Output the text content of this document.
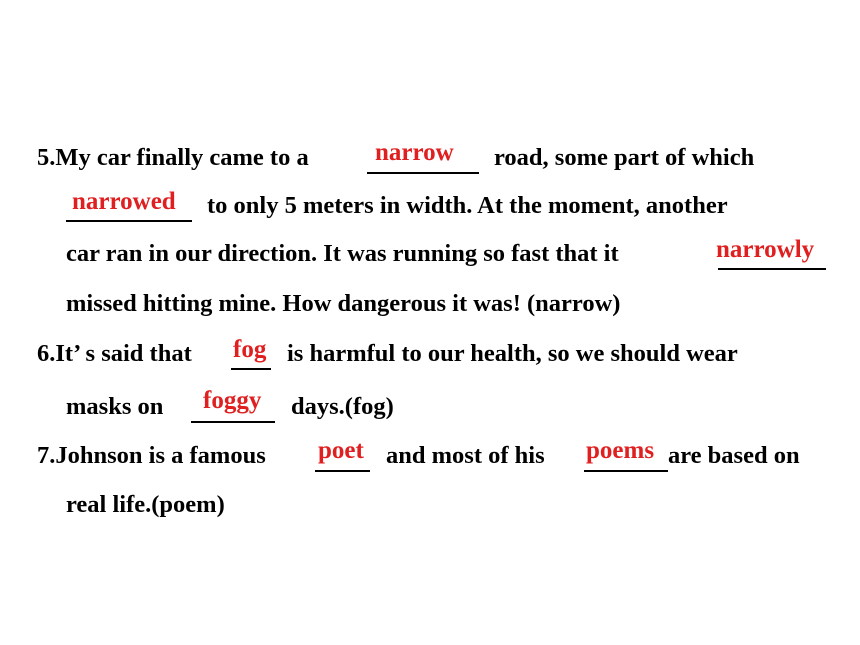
5.My car finally came to a	narrow road, some part of which
narrowed to only 5 meters in width. At the moment, another
car ran in our direction. It was running so fast that it	narrowly
missed hitting mine. How dangerous it was! (narrow)
6.It’ s said that fog is harmful to our health, so we should wear
masks on foggy days.(fog)
7.Johnson is a famous poet and most of his poems are based on
real life.(poem)
